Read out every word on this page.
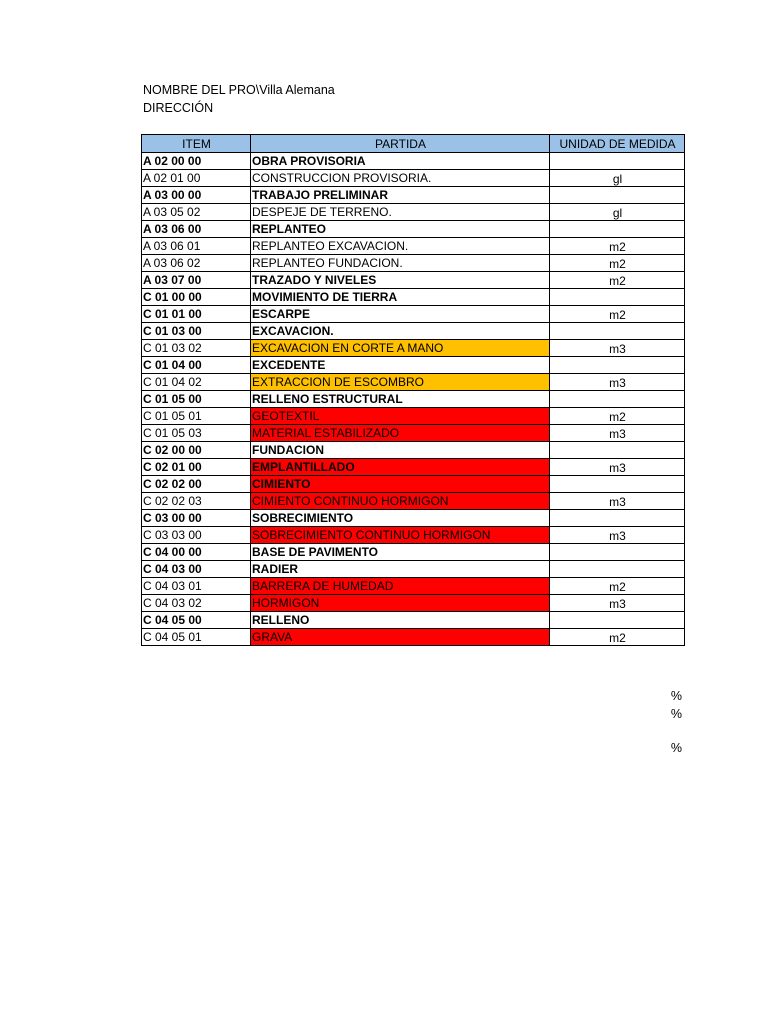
NOMBRE DEL PRO\Villa Alemana
DIRECCIÓN
ITEM	PARTIDA	UNIDAD DE MEDIDA
A 02 00 00	OBRA PROVISORIA	
A 02 01 00	CONSTRUCCION PROVISORIA.	gl
A 03 00 00	TRABAJO PRELIMINAR	
A 03 05 02	DESPEJE DE TERRENO.	gl
A 03 06 00	REPLANTEO	
A 03 06 01	REPLANTEO EXCAVACION.	m2
A 03 06 02	REPLANTEO FUNDACION.	m2
A 03 07 00	TRAZADO Y NIVELES	m2
C 01 00 00	MOVIMIENTO DE TIERRA	
C 01 01 00	ESCARPE	m2
C 01 03 00	EXCAVACION.	
C 01 03 02	EXCAVACION EN CORTE A MANO	m3
C 01 04 00	EXCEDENTE	
C 01 04 02	EXTRACCION DE ESCOMBRO	m3
C 01 05 00	RELLENO ESTRUCTURAL	
C 01 05 01	GEOTEXTIL	m2
C 01 05 03	MATERIAL ESTABILIZADO	m3
C 02 00 00	FUNDACION	
C 02 01 00	EMPLANTILLADO	m3
C 02 02 00	CIMIENTO	
C 02 02 03	CIMIENTO CONTINUO HORMIGON	m3
C 03 00 00	SOBRECIMIENTO	
C 03 03 00	SOBRECIMIENTO CONTINUO HORMIGON	m3
C 04 00 00	BASE DE PAVIMENTO	
C 04 03 00	RADIER	
C 04 03 01	BARRERA DE HUMEDAD	m2
C 04 03 02	HORMIGON	m3
C 04 05 00	RELLENO	
C 04 05 01	GRAVA	m2
%
%
%
